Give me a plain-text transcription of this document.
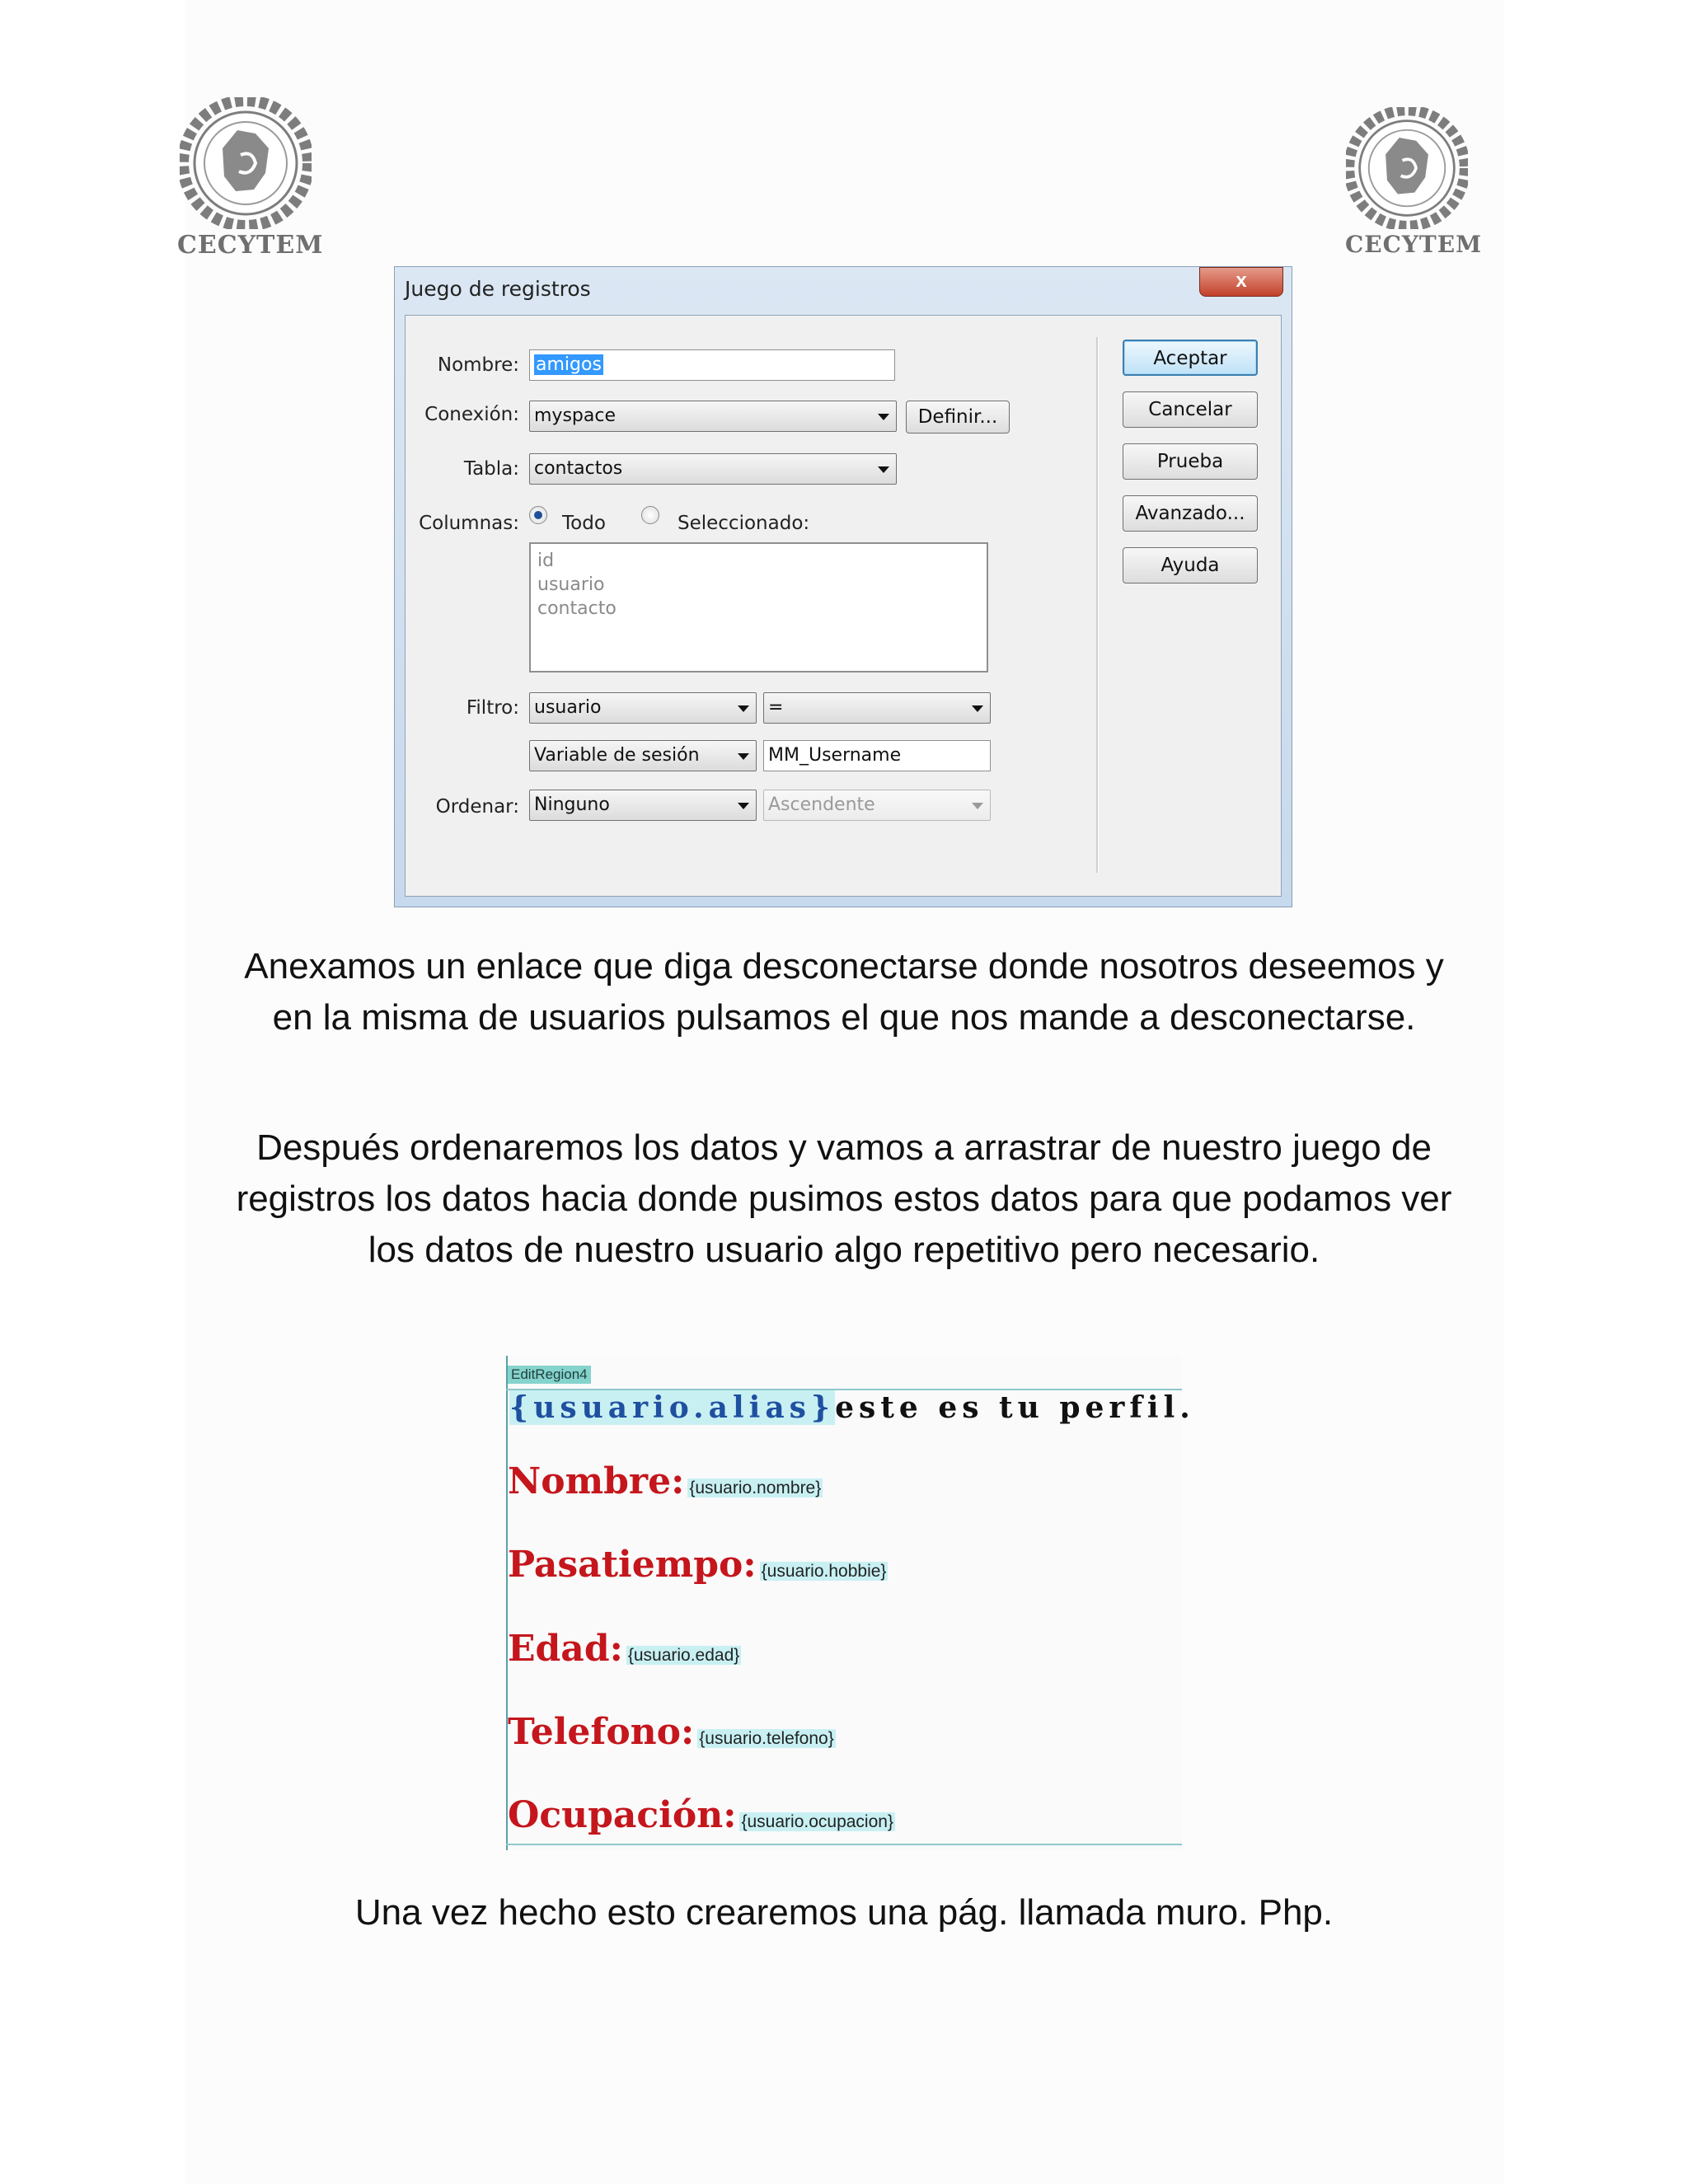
CECYTEM	CECYTEM
Juego de registros	x
Nombre: amigos
Conexión: myspace	Definir...
Tabla: contactos
Columnas: Todo	Seleccionado:
id
usuario
contacto
Filtro: usuario	=
Variable de sesión	MM_Username
Ordenar: Ninguno	Ascendente
Aceptar
Cancelar
Prueba
Avanzado...
Ayuda

Anexamos un enlace que diga desconectarse donde nosotros deseemos y en la misma de usuarios pulsamos el que nos mande a desconectarse.

Después ordenaremos los datos y vamos a arrastrar de nuestro juego de registros los datos hacia donde pusimos estos datos para que podamos ver los datos de nuestro usuario algo repetitivo pero necesario.

EditRegion4
{usuario.alias}este es tu perfil.
Nombre: {usuario.nombre}
Pasatiempo: {usuario.hobbie}
Edad: {usuario.edad}
Telefono: {usuario.telefono}
Ocupación: {usuario.ocupacion}

Una vez hecho esto crearemos una pág. llamada muro. Php.
